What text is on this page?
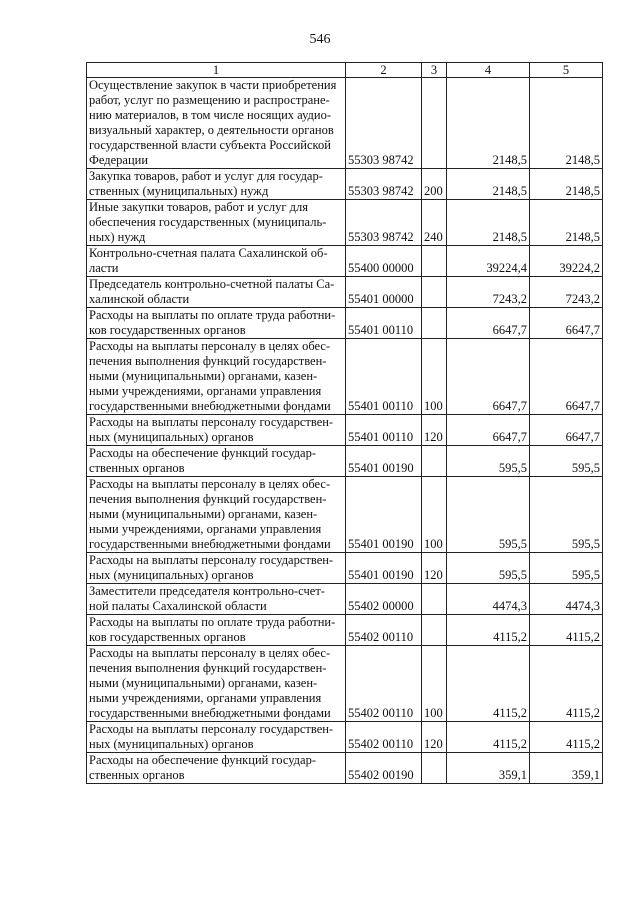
546
1	2	3	4	5
Осуществление закупок в части приобретения работ, услуг по размещению и распростране-нию материалов, в том числе носящих аудио-визуальный характер, о деятельности органов государственной власти субъекта Российской Федерации	55303 98742		2148,5	2148,5
Закупка товаров, работ и услуг для государ-ственных (муниципальных) нужд	55303 98742	200	2148,5	2148,5
Иные закупки товаров, работ и услуг для обеспечения государственных (муниципаль-ных) нужд	55303 98742	240	2148,5	2148,5
Контрольно-счетная палата Сахалинской об-ласти	55400 00000		39224,4	39224,2
Председатель контрольно-счетной палаты Са-халинской области	55401 00000		7243,2	7243,2
Расходы на выплаты по оплате труда работни-ков государственных органов	55401 00110		6647,7	6647,7
Расходы на выплаты персоналу в целях обес-печения выполнения функций государствен-ными (муниципальными) органами, казен-ными учреждениями, органами управления государственными внебюджетными фондами	55401 00110	100	6647,7	6647,7
Расходы на выплаты персоналу государствен-ных (муниципальных) органов	55401 00110	120	6647,7	6647,7
Расходы на обеспечение функций государ-ственных органов	55401 00190		595,5	595,5
Расходы на выплаты персоналу в целях обес-печения выполнения функций государствен-ными (муниципальными) органами, казен-ными учреждениями, органами управления государственными внебюджетными фондами	55401 00190	100	595,5	595,5
Расходы на выплаты персоналу государствен-ных (муниципальных) органов	55401 00190	120	595,5	595,5
Заместители председателя контрольно-счет-ной палаты Сахалинской области	55402 00000		4474,3	4474,3
Расходы на выплаты по оплате труда работни-ков государственных органов	55402 00110		4115,2	4115,2
Расходы на выплаты персоналу в целях обес-печения выполнения функций государствен-ными (муниципальными) органами, казен-ными учреждениями, органами управления государственными внебюджетными фондами	55402 00110	100	4115,2	4115,2
Расходы на выплаты персоналу государствен-ных (муниципальных) органов	55402 00110	120	4115,2	4115,2
Расходы на обеспечение функций государ-ственных органов	55402 00190		359,1	359,1
